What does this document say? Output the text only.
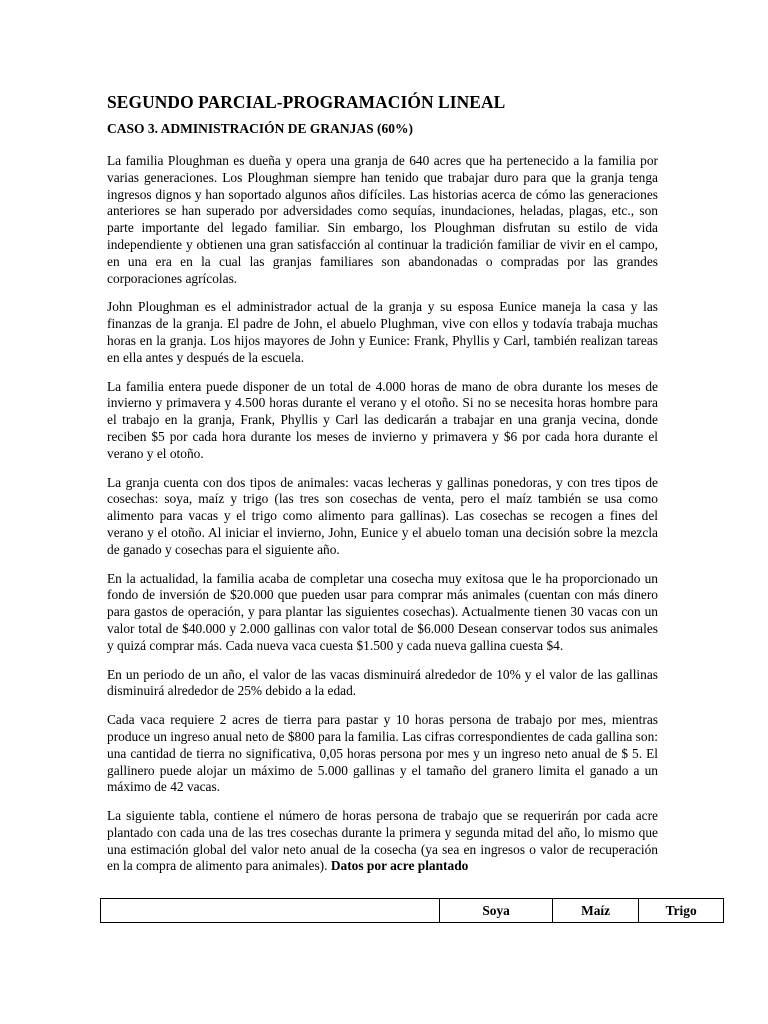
SEGUNDO PARCIAL-PROGRAMACIÓN LINEAL
CASO 3. ADMINISTRACIÓN DE GRANJAS (60%)

La familia Ploughman es dueña y opera una granja de 640 acres que ha pertenecido a la familia por varias generaciones. Los Ploughman siempre han tenido que trabajar duro para que la granja tenga ingresos dignos y han soportado algunos años difíciles. Las historias acerca de cómo las generaciones anteriores se han superado por adversidades como sequías, inundaciones, heladas, plagas, etc., son parte importante del legado familiar. Sin embargo, los Ploughman disfrutan su estilo de vida independiente y obtienen una gran satisfacción al continuar la tradición familiar de vivir en el campo, en una era en la cual las granjas familiares son abandonadas o compradas por las grandes corporaciones agrícolas.

John Ploughman es el administrador actual de la granja y su esposa Eunice maneja la casa y las finanzas de la granja. El padre de John, el abuelo Plughman, vive con ellos y todavía trabaja muchas horas en la granja. Los hijos mayores de John y Eunice: Frank, Phyllis y Carl, también realizan tareas en ella antes y después de la escuela.

La familia entera puede disponer de un total de 4.000 horas de mano de obra durante los meses de invierno y primavera y 4.500 horas durante el verano y el otoño. Si no se necesita horas hombre para el trabajo en la granja, Frank, Phyllis y Carl las dedicarán a trabajar en una granja vecina, donde reciben $5 por cada hora durante los meses de invierno y primavera y $6 por cada hora durante el verano y el otoño.

La granja cuenta con dos tipos de animales: vacas lecheras y gallinas ponedoras, y con tres tipos de cosechas: soya, maíz y trigo (las tres son cosechas de venta, pero el maíz también se usa como alimento para vacas y el trigo como alimento para gallinas). Las cosechas se recogen a fines del verano y el otoño. Al iniciar el invierno, John, Eunice y el abuelo toman una decisión sobre la mezcla de ganado y cosechas para el siguiente año.

En la actualidad, la familia acaba de completar una cosecha muy exitosa que le ha proporcionado un fondo de inversión de $20.000 que pueden usar para comprar más animales (cuentan con más dinero para gastos de operación, y para plantar las siguientes cosechas). Actualmente tienen 30 vacas con un valor total de $40.000 y 2.000 gallinas con valor total de $6.000 Desean conservar todos sus animales y quizá comprar más. Cada nueva vaca cuesta $1.500 y cada nueva gallina cuesta $4.

En un periodo de un año, el valor de las vacas disminuirá alrededor de 10% y el valor de las gallinas disminuirá alrededor de 25% debido a la edad.

Cada vaca requiere 2 acres de tierra para pastar y 10 horas persona de trabajo por mes, mientras produce un ingreso anual neto de $800 para la familia. Las cifras correspondientes de cada gallina son: una cantidad de tierra no significativa, 0,05 horas persona por mes y un ingreso neto anual de $ 5. El gallinero puede alojar un máximo de 5.000 gallinas y el tamaño del granero limita el ganado a un máximo de 42 vacas.

La siguiente tabla, contiene el número de horas persona de trabajo que se requerirán por cada acre plantado con cada una de las tres cosechas durante la primera y segunda mitad del año, lo mismo que una estimación global del valor neto anual de la cosecha (ya sea en ingresos o valor de recuperación en la compra de alimento para animales). Datos por acre plantado

	Soya	Maíz	Trigo
